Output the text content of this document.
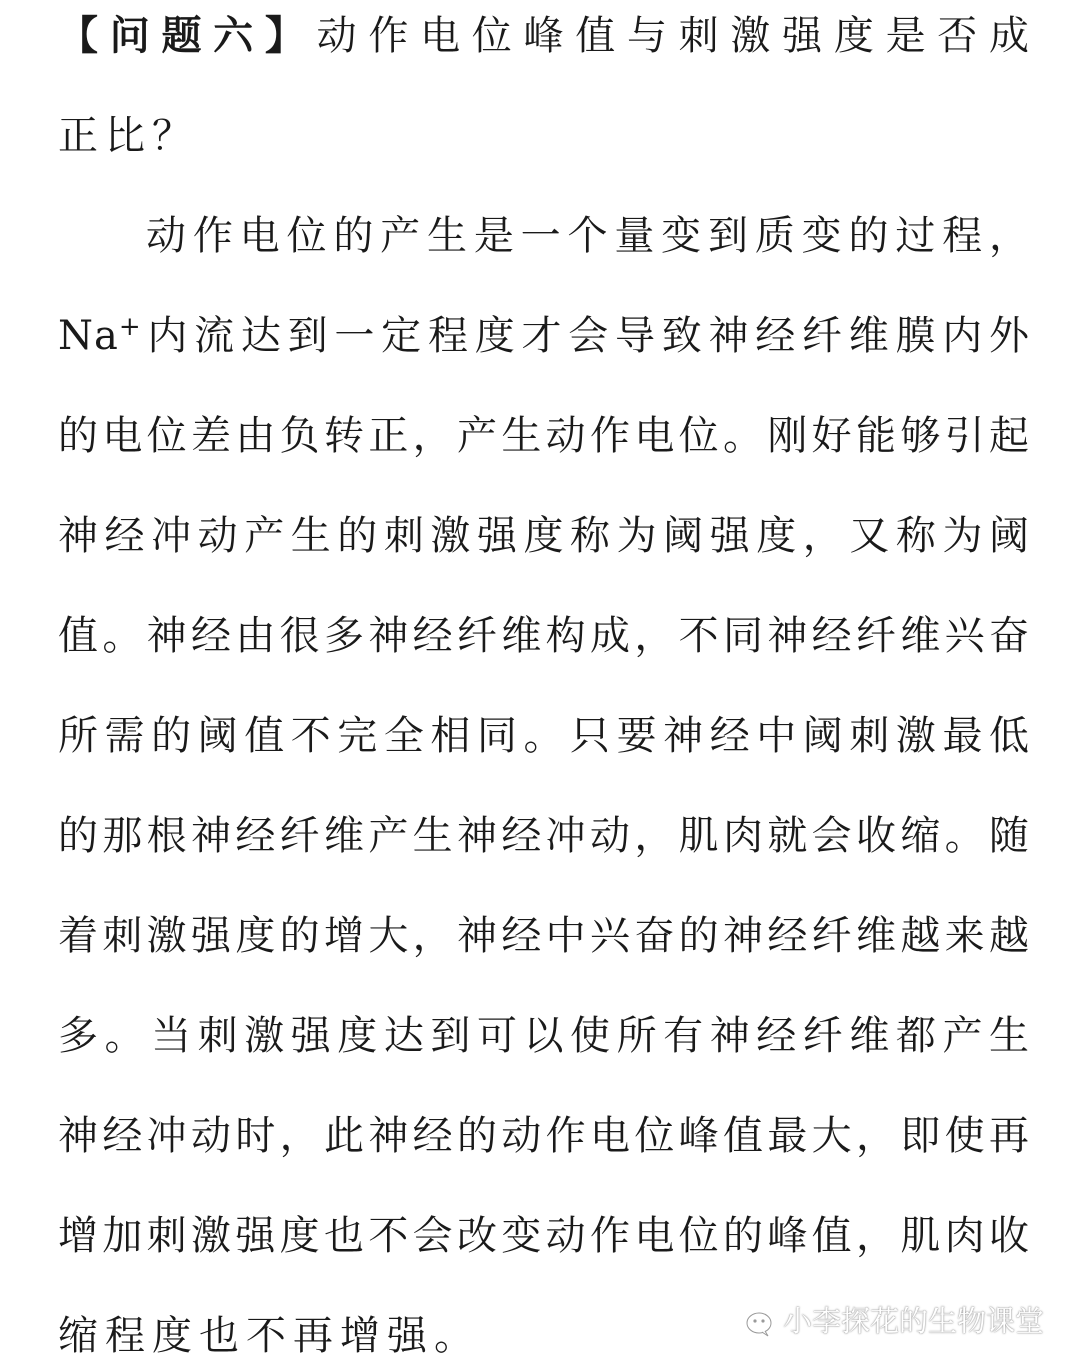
【问题六】动作电位峰值与刺激强度是否成
正比？
动作电位的产生是一个量变到质变的过程，
Na+内流达到一定程度才会导致神经纤维膜内外
的电位差由负转正，产生动作电位。刚好能够引起
神经冲动产生的刺激强度称为阈强度，又称为阈
值。神经由很多神经纤维构成，不同神经纤维兴奋
所需的阈值不完全相同。只要神经中阈刺激最低
的那根神经纤维产生神经冲动，肌肉就会收缩。随
着刺激强度的增大，神经中兴奋的神经纤维越来越
多。当刺激强度达到可以使所有神经纤维都产生
神经冲动时，此神经的动作电位峰值最大，即使再
增加刺激强度也不会改变动作电位的峰值，肌肉收
缩程度也不再增强。	小李探花的生物课堂
